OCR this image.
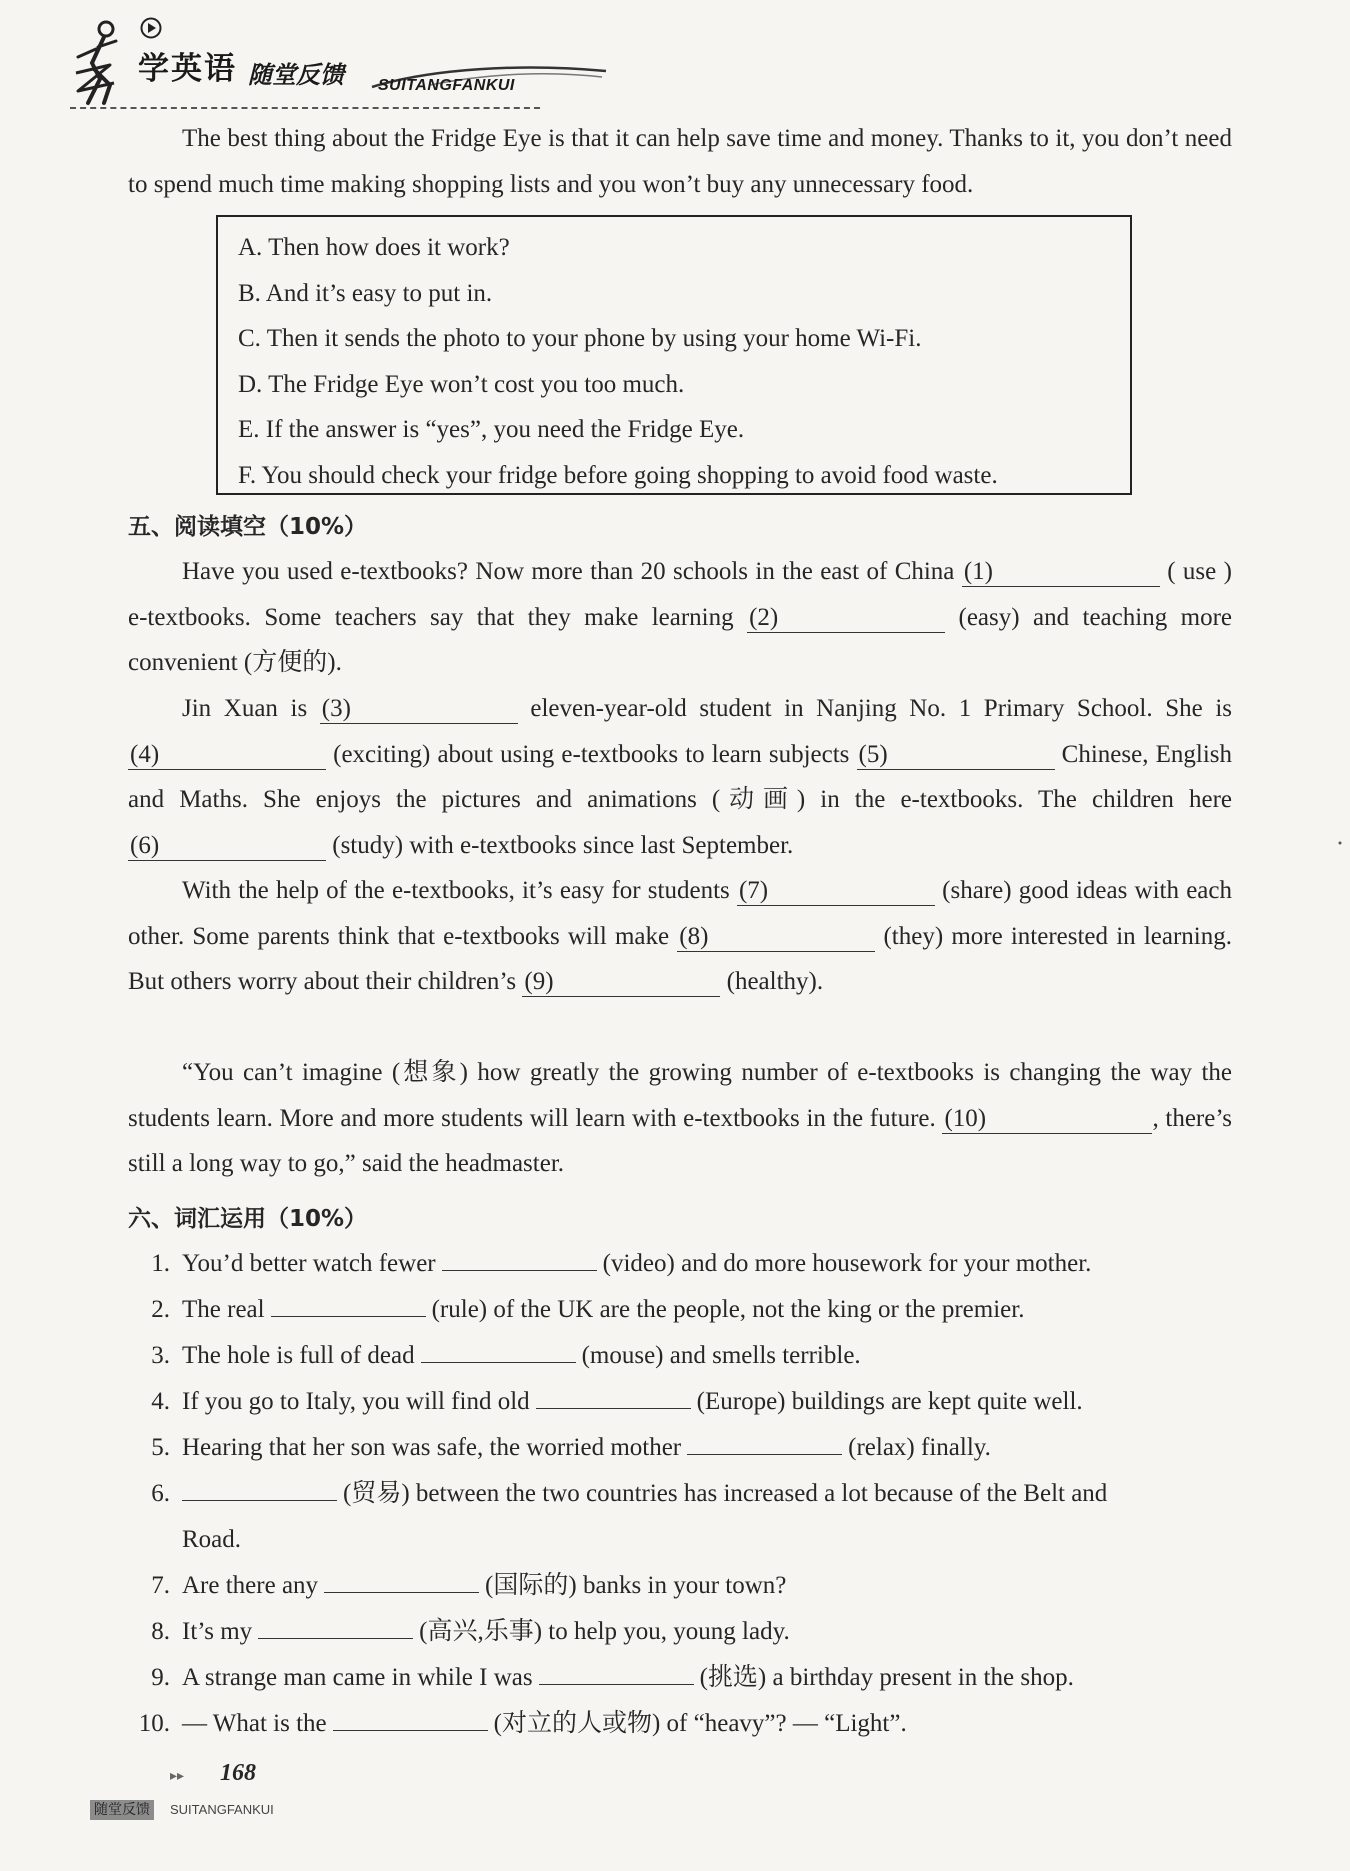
学英语 随堂反馈 SUITANGFANKUI
The best thing about the Fridge Eye is that it can help save time and money. Thanks to it, you don’t need to spend much time making shopping lists and you won’t buy any unnecessary food.
A. Then how does it work?
B. And it’s easy to put in.
C. Then it sends the photo to your phone by using your home Wi-Fi.
D. The Fridge Eye won’t cost you too much.
E. If the answer is “yes”, you need the Fridge Eye.
F. You should check your fridge before going shopping to avoid food waste.
五、阅读填空（10%）
Have you used e-textbooks? Now more than 20 schools in the east of China (1)	( use ) e-textbooks. Some teachers say that they make learning (2)	(easy) and teaching more convenient (方便的).
Jin Xuan is (3)	eleven-year-old student in Nanjing No. 1 Primary School. She is (4)	(exciting) about using e-textbooks to learn subjects (5)	Chinese, English and Maths. She enjoys the pictures and animations (动画) in the e-textbooks. The children here (6)	(study) with e-textbooks since last September.
With the help of the e-textbooks, it’s easy for students (7)	(share) good ideas with each other. Some parents think that e-textbooks will make (8)	(they) more interested in learning. But others worry about their children’s (9)	(healthy).
“You can’t imagine (想象) how greatly the growing number of e-textbooks is changing the way the students learn. More and more students will learn with e-textbooks in the future. (10)	, there’s still a long way to go,” said the headmaster.
六、词汇运用（10%）
1. You’d better watch fewer	(video) and do more housework for your mother.
2. The real	(rule) of the UK are the people, not the king or the premier.
3. The hole is full of dead	(mouse) and smells terrible.
4. If you go to Italy, you will find old	(Europe) buildings are kept quite well.
5. Hearing that her son was safe, the worried mother	(relax) finally.
6.	(贸易) between the two countries has increased a lot because of the Belt and
Road.
7. Are there any	(国际的) banks in your town?
8. It’s my	(高兴,乐事) to help you, young lady.
9. A strange man came in while I was	(挑选) a birthday present in the shop.
10. — What is the	(对立的人或物) of “heavy”? — “Light”.
▸▸ 168
随堂反馈	SUITANGFANKUI
